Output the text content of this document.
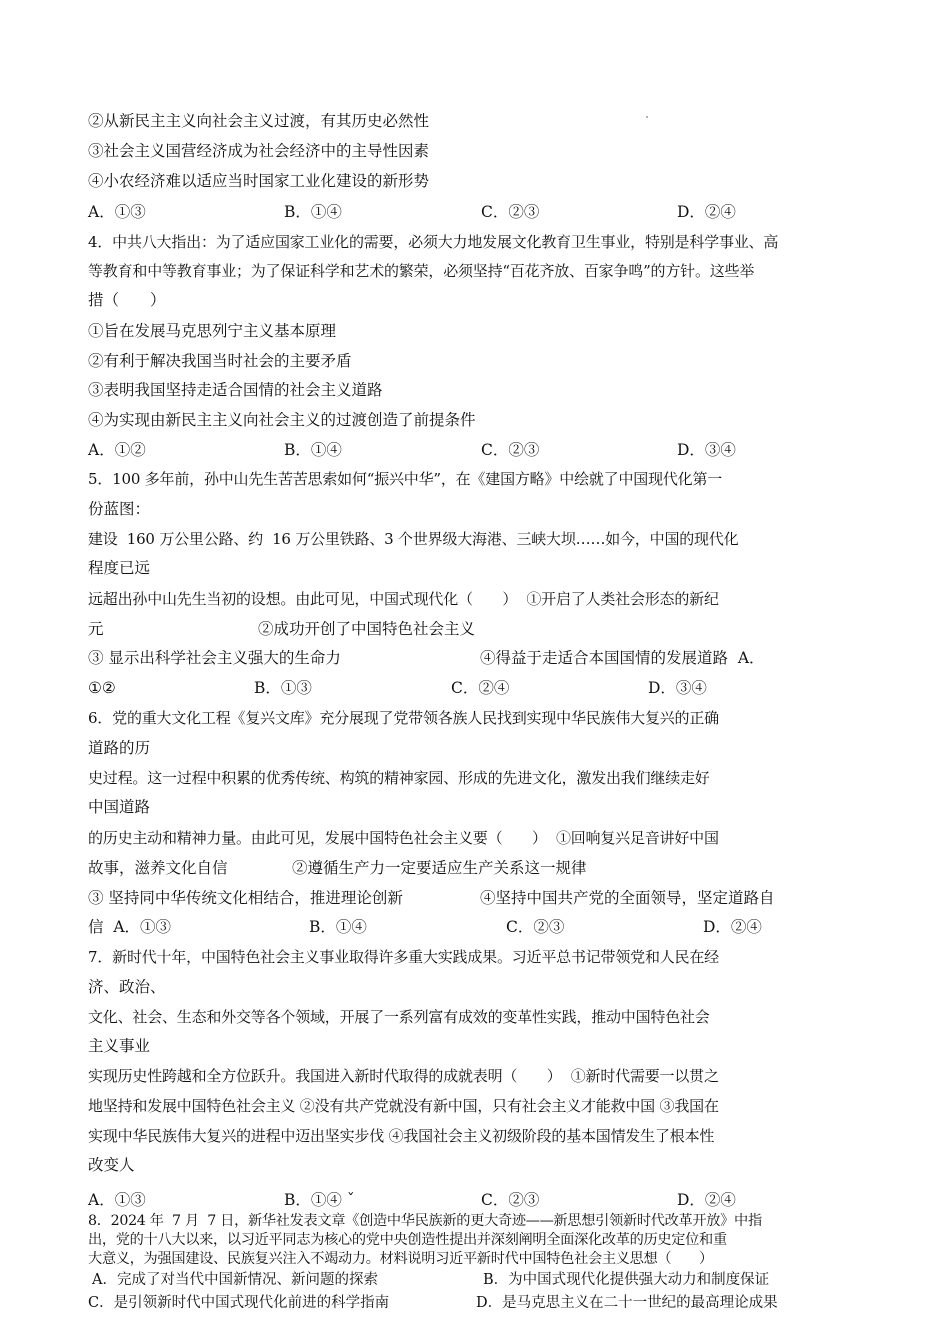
②从新民主主义向社会主义过渡，有其历史必然性
③社会主义国营经济成为社会经济中的主导性因素
④小农经济难以适应当时国家工业化建设的新形势
A．①③	B．①④	C．②③	D．②④
4．中共八大指出：为了适应国家工业化的需要，必须大力地发展文化教育卫生事业，特别是科学事业、高
等教育和中等教育事业；为了保证科学和艺术的繁荣，必须坚持“百花齐放、百家争鸣”的方针。这些举
措（　　）
①旨在发展马克思列宁主义基本原理
②有利于解决我国当时社会的主要矛盾
③表明我国坚持走适合国情的社会主义道路
④为实现由新民主主义向社会主义的过渡创造了前提条件
A．①②	B．①④	C．②③	D．③④
5．100 多年前，孙中山先生苦苦思索如何“振兴中华”，在《建国方略》中绘就了中国现代化第一
份蓝图：
建设  160 万公里公路、约  16 万公里铁路、3 个世界级大海港、三峡大坝……如今，中国的现代化
程度已远
远超出孙中山先生当初的设想。由此可见，中国式现代化（　　）  ①开启了人类社会形态的新纪
元	②成功开创了中国特色社会主义
③ 显示出科学社会主义强大的生命力	④得益于走适合本国国情的发展道路  A．
①②	B．①③	C．②④	D．③④
6．党的重大文化工程《复兴文库》充分展现了党带领各族人民找到实现中华民族伟大复兴的正确
道路的历
史过程。这一过程中积累的优秀传统、构筑的精神家园、形成的先进文化，激发出我们继续走好
中国道路
的历史主动和精神力量。由此可见，发展中国特色社会主义要（　　）  ①回响复兴足音讲好中国
故事，滋养文化自信	②遵循生产力一定要适应生产关系这一规律
③ 坚持同中华传统文化相结合，推进理论创新	④坚持中国共产党的全面领导，坚定道路自
信  A．①③	B．①④	C．②③	D．②④
7．新时代十年，中国特色社会主义事业取得许多重大实践成果。习近平总书记带领党和人民在经
济、政治、
文化、社会、生态和外交等各个领域，开展了一系列富有成效的变革性实践，推动中国特色社会
主义事业
实现历史性跨越和全方位跃升。我国进入新时代取得的成就表明（　　）  ①新时代需要一以贯之
地坚持和发展中国特色社会主义 ②没有共产党就没有新中国，只有社会主义才能救中国 ③我国在
实现中华民族伟大复兴的进程中迈出坚实步伐 ④我国社会主义初级阶段的基本国情发生了根本性
改变人
A．①③	B．①④ ˇ	C．②③	D．②④
8．2024 年  7 月  7 日，新华社发表文章《创造中华民族新的更大奇迹——新思想引领新时代改革开放》中指
出，党的十八大以来，以习近平同志为核心的党中央创造性提出并深刻阐明全面深化改革的历史定位和重
大意义，为强国建设、民族复兴注入不竭动力。材料说明习近平新时代中国特色社会主义思想（　　）
A．完成了对当代中国新情况、新问题的探索	B．为中国式现代化提供强大动力和制度保证
C．是引领新时代中国式现代化前进的科学指南	D．是马克思主义在二十一世纪的最高理论成果
